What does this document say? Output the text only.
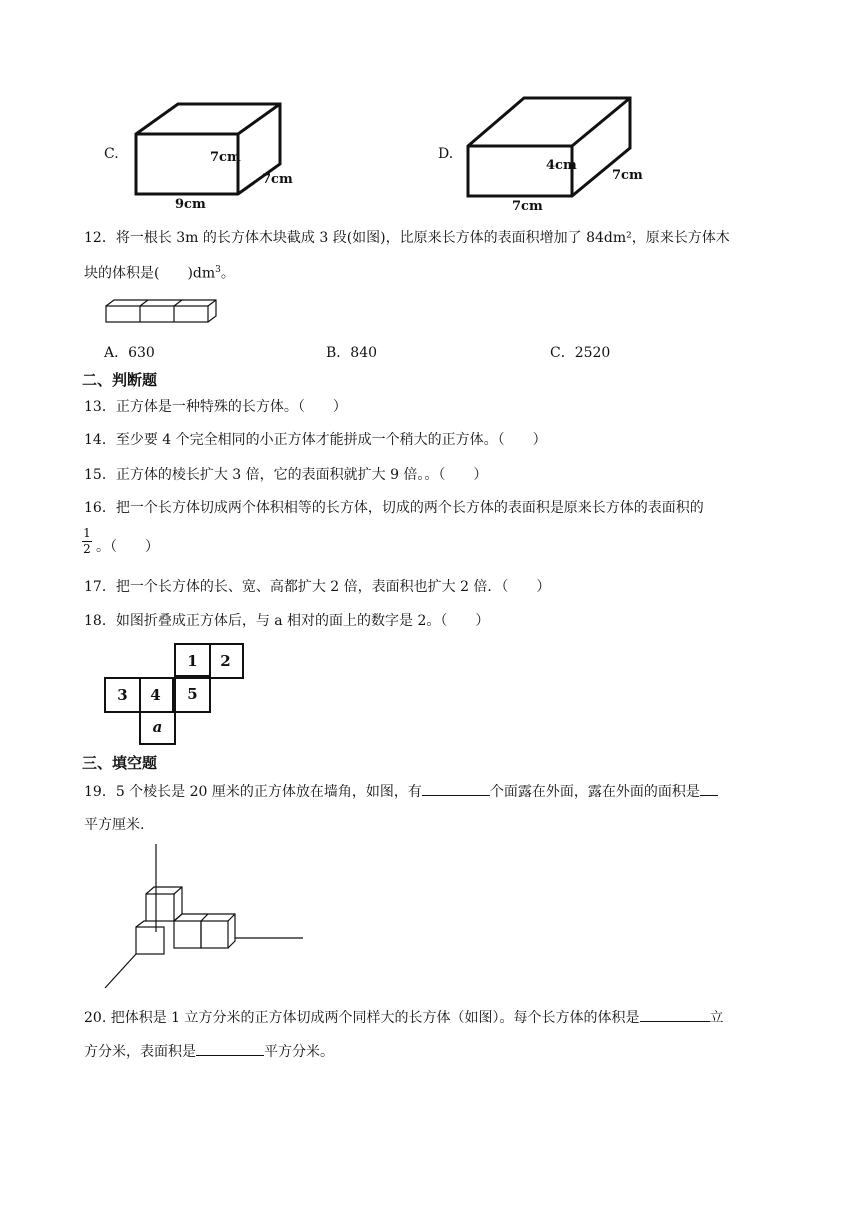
C.	7cm
7cm
9cm
D.
4cm
7cm
7cm
12．将一根长 3m 的长方体木块截成 3 段(如图)，比原来长方体的表面积增加了 84dm²，原来长方体木
块的体积是( )$dm^3$。
A．630	B．840	C．2520
二、判断题
13．正方体是一种特殊的长方体。（　　）
14．至少要 4 个完全相同的小正方体才能拼成一个稍大的正方体。（　　）
15．正方体的棱长扩大 3 倍，它的表面积就扩大 9 倍。。（　　）
16．把一个长方体切成两个体积相等的长方体，切成的两个长方体的表面积是原来长方体的表面积的
1
2 。（　　）
17．把一个长方体的长、宽、高都扩大 2 倍，表面积也扩大 2 倍．（　　）
18．如图折叠成正方体后，与 a 相对的面上的数字是 2。（　　）
1	2
3	4	5
a
三、填空题
19．5 个棱长是 20 厘米的正方体放在墙角，如图，有	个面露在外面，露在外面的面积是
平方厘米.
20. 把体积是 1 立方分米的正方体切成两个同样大的长方体（如图）。每个长方体的体积是	立
方分米，表面积是	平方分米。
